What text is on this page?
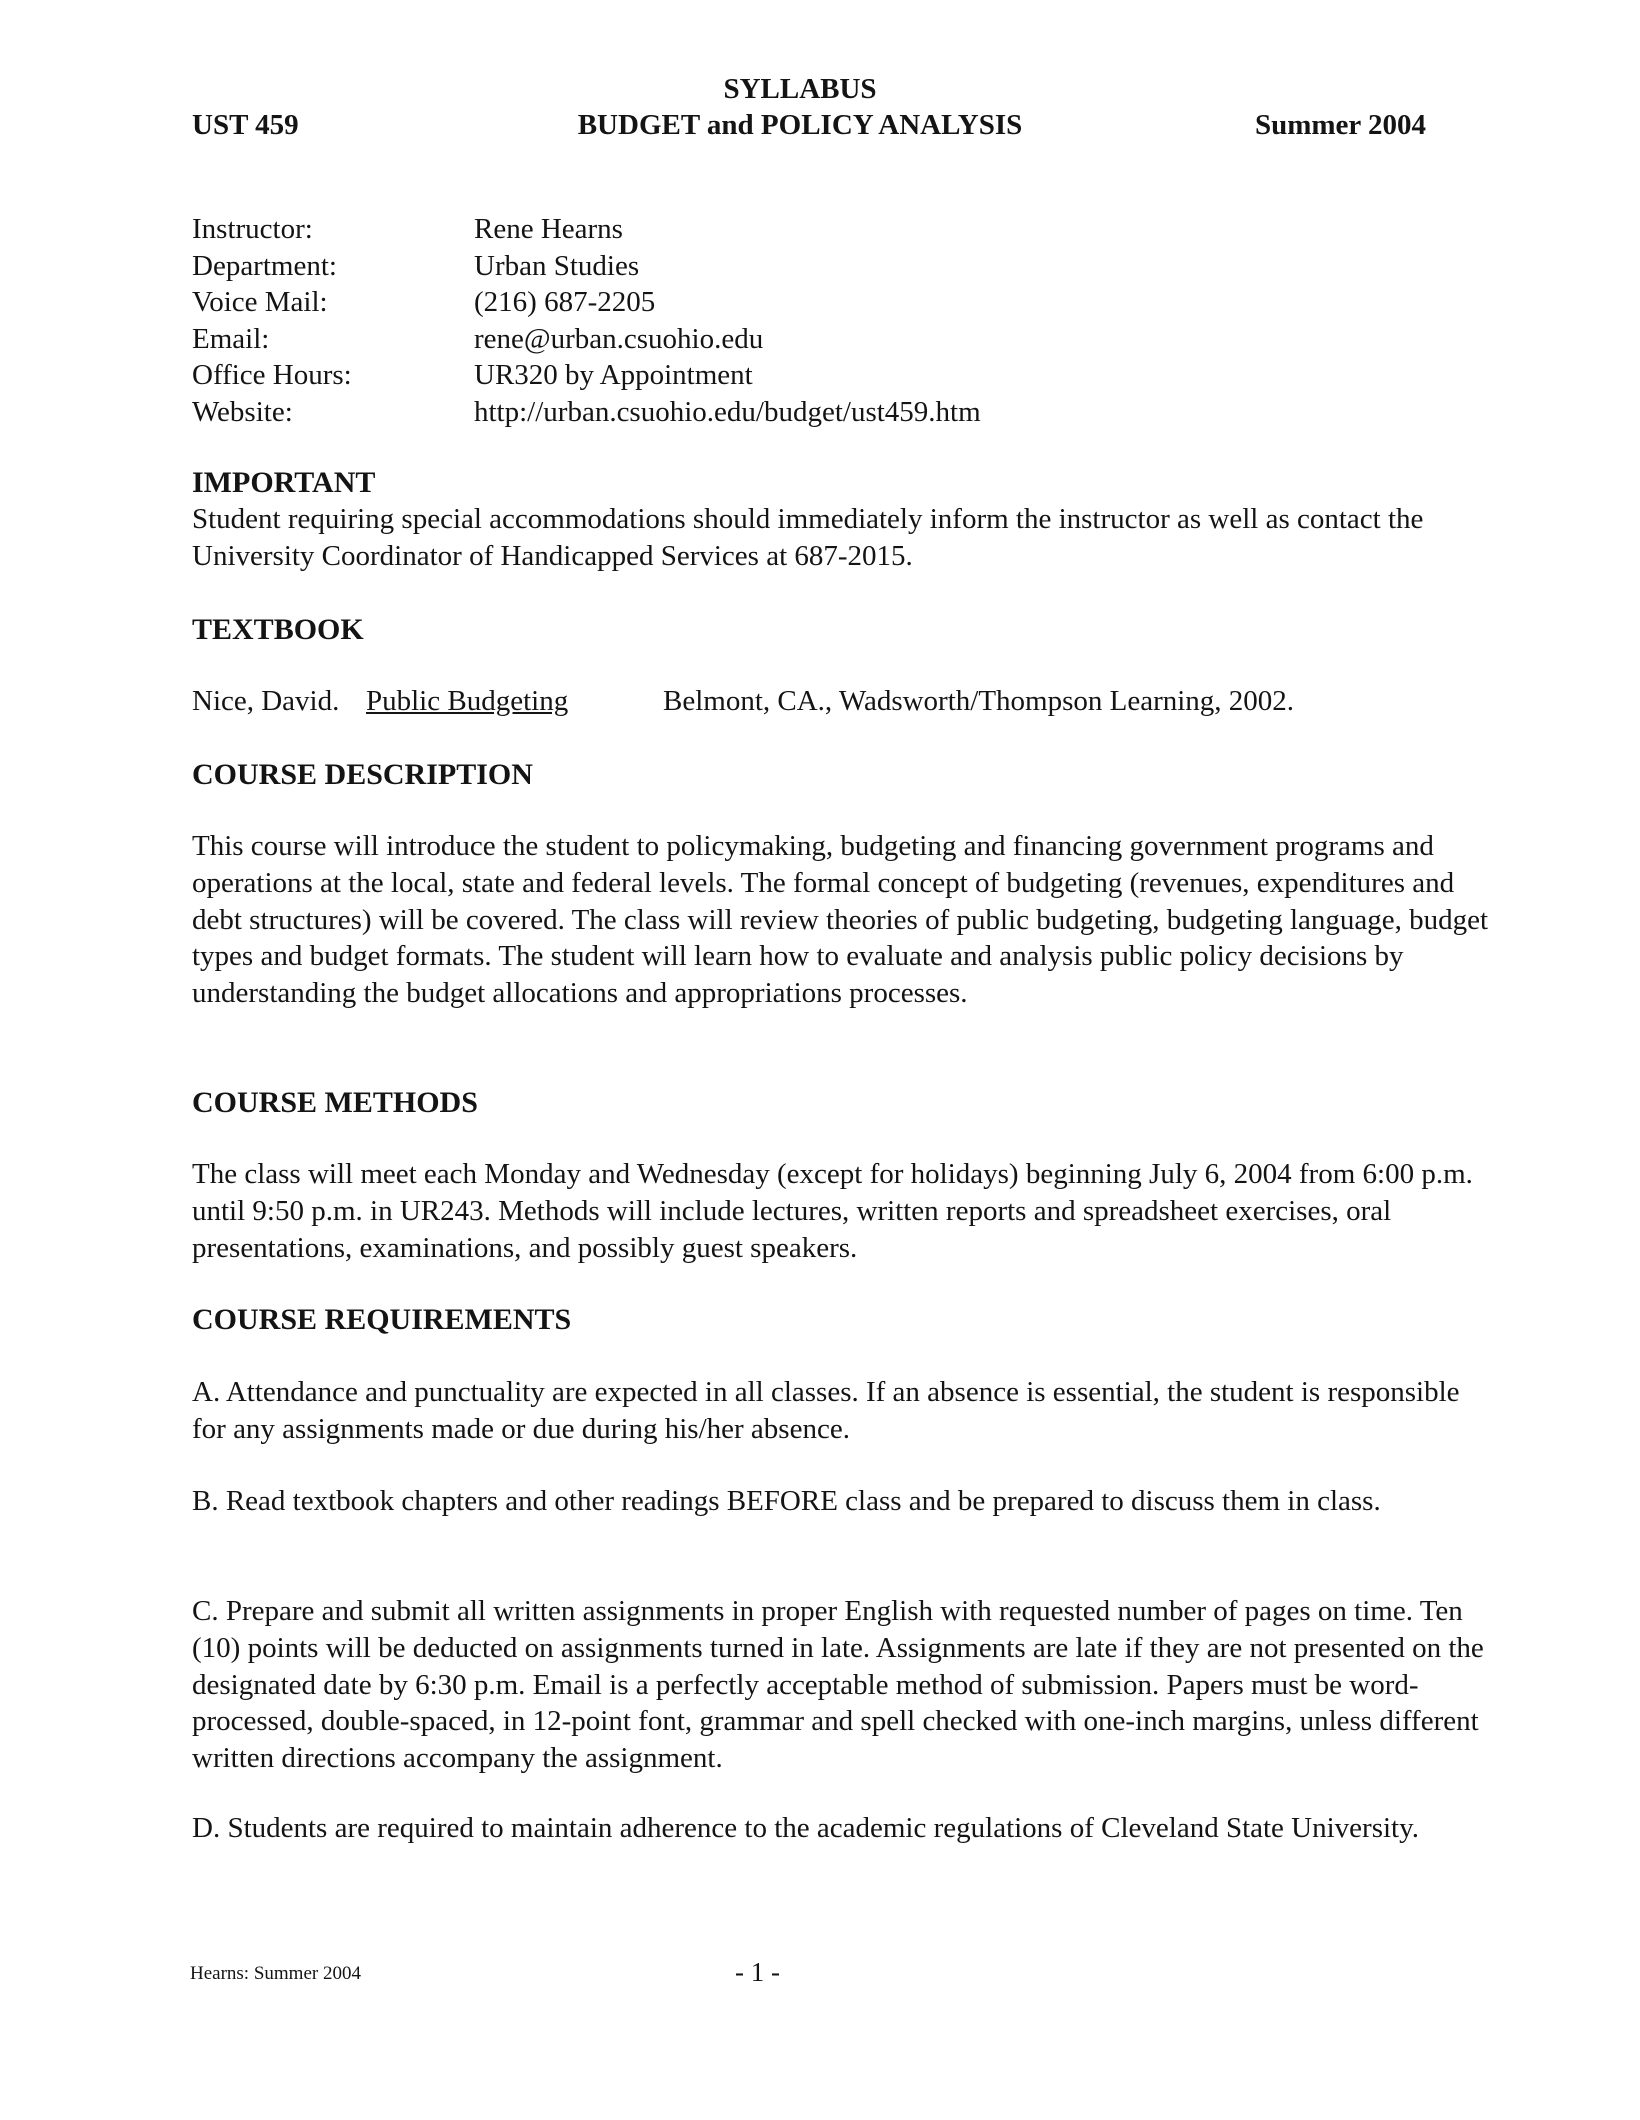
SYLLABUS
UST 459	BUDGET and POLICY ANALYSIS	Summer 2004
Instructor:	Rene Hearns
Department:	Urban Studies
Voice Mail:	(216) 687-2205
Email:	rene@urban.csuohio.edu
Office Hours:	UR320 by Appointment
Website:	http://urban.csuohio.edu/budget/ust459.htm
IMPORTANT
Student requiring special accommodations should immediately inform the instructor as well as contact the University Coordinator of Handicapped Services at 687-2015.
TEXTBOOK
Nice, David. Public Budgeting	Belmont, CA., Wadsworth/Thompson Learning, 2002.
COURSE DESCRIPTION
This course will introduce the student to policymaking, budgeting and financing government programs and operations at the local, state and federal levels. The formal concept of budgeting (revenues, expenditures and debt structures) will be covered. The class will review theories of public budgeting, budgeting language, budget types and budget formats. The student will learn how to evaluate and analysis public policy decisions by understanding the budget allocations and appropriations processes.
COURSE METHODS
The class will meet each Monday and Wednesday (except for holidays) beginning July 6, 2004 from 6:00 p.m. until 9:50 p.m. in UR243. Methods will include lectures, written reports and spreadsheet exercises, oral presentations, examinations, and possibly guest speakers.
COURSE REQUIREMENTS
A. Attendance and punctuality are expected in all classes. If an absence is essential, the student is responsible for any assignments made or due during his/her absence.
B. Read textbook chapters and other readings BEFORE class and be prepared to discuss them in class.
C. Prepare and submit all written assignments in proper English with requested number of pages on time. Ten (10) points will be deducted on assignments turned in late. Assignments are late if they are not presented on the designated date by 6:30 p.m. Email is a perfectly acceptable method of submission. Papers must be word-processed, double-spaced, in 12-point font, grammar and spell checked with one-inch margins, unless different written directions accompany the assignment.
D. Students are required to maintain adherence to the academic regulations of Cleveland State University.
Hearns: Summer 2004	- 1 -
